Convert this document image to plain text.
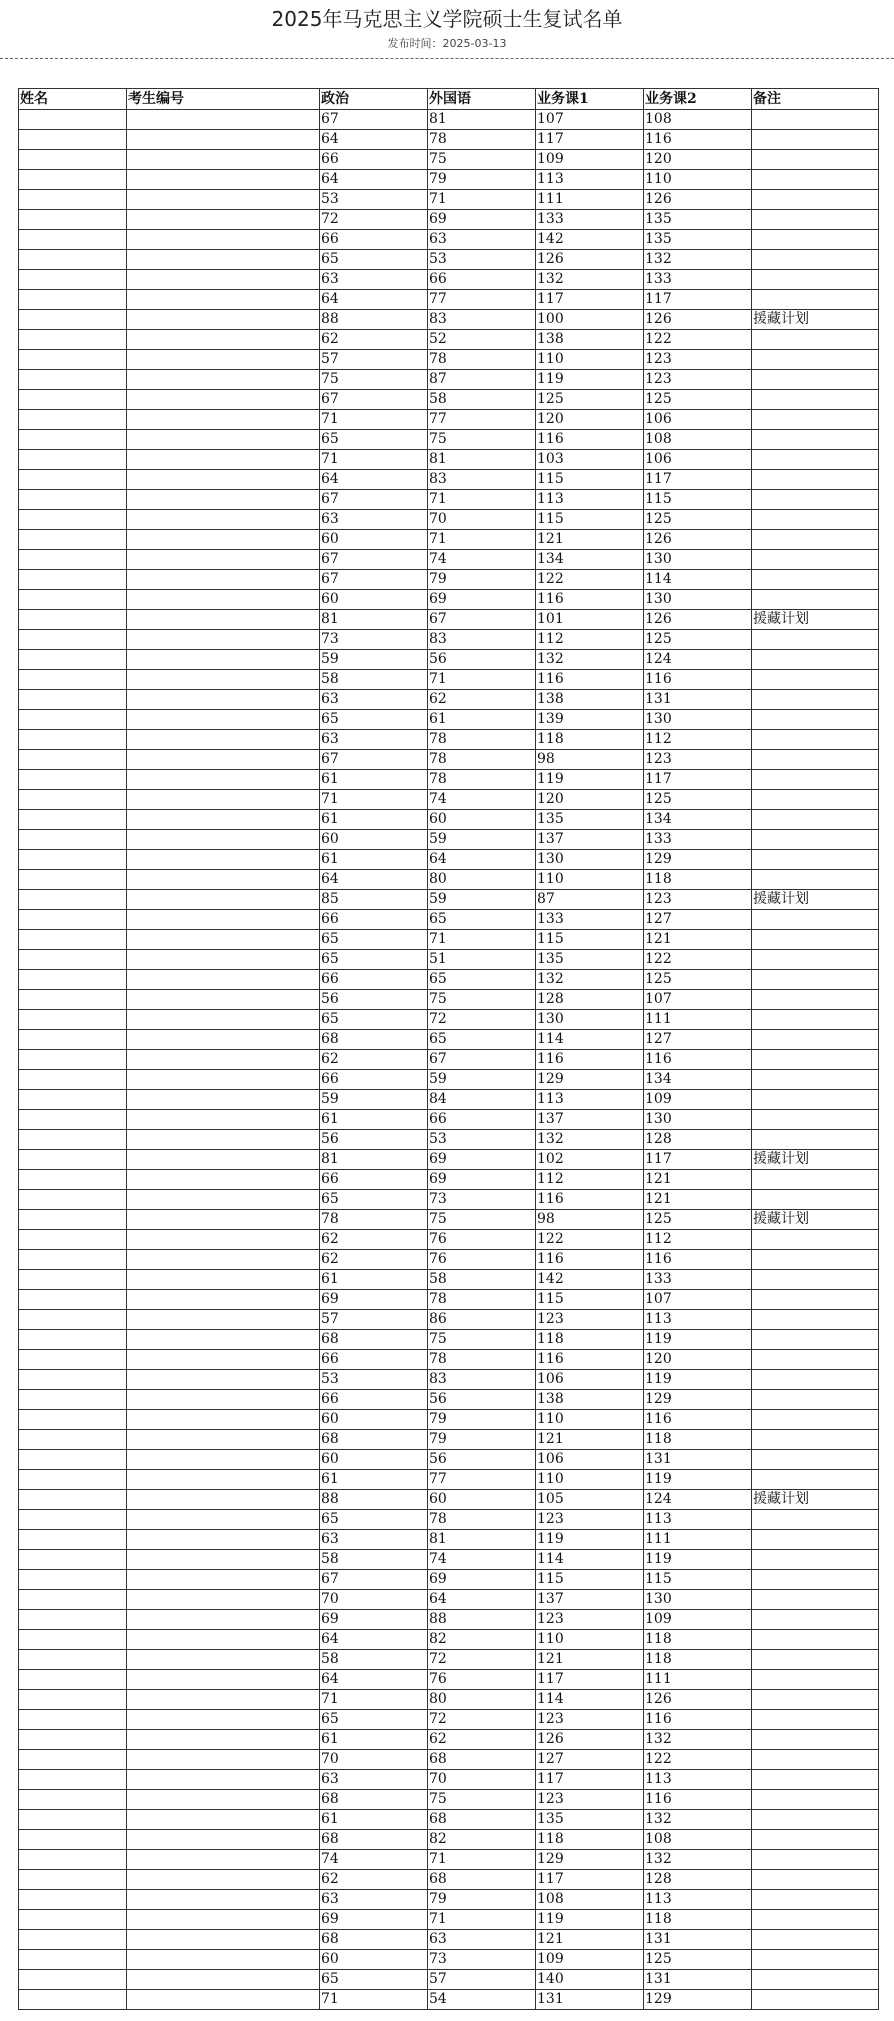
2025年马克思主义学院硕士生复试名单
发布时间：2025-03-13
姓名	考生编号	政治	外国语	业务课1	业务课2	备注
		67	81	107	108	
		64	78	117	116	
		66	75	109	120	
		64	79	113	110	
		53	71	111	126	
		72	69	133	135	
		66	63	142	135	
		65	53	126	132	
		63	66	132	133	
		64	77	117	117	
		88	83	100	126	援藏计划
		62	52	138	122	
		57	78	110	123	
		75	87	119	123	
		67	58	125	125	
		71	77	120	106	
		65	75	116	108	
		71	81	103	106	
		64	83	115	117	
		67	71	113	115	
		63	70	115	125	
		60	71	121	126	
		67	74	134	130	
		67	79	122	114	
		60	69	116	130	
		81	67	101	126	援藏计划
		73	83	112	125	
		59	56	132	124	
		58	71	116	116	
		63	62	138	131	
		65	61	139	130	
		63	78	118	112	
		67	78	98	123	
		61	78	119	117	
		71	74	120	125	
		61	60	135	134	
		60	59	137	133	
		61	64	130	129	
		64	80	110	118	
		85	59	87	123	援藏计划
		66	65	133	127	
		65	71	115	121	
		65	51	135	122	
		66	65	132	125	
		56	75	128	107	
		65	72	130	111	
		68	65	114	127	
		62	67	116	116	
		66	59	129	134	
		59	84	113	109	
		61	66	137	130	
		56	53	132	128	
		81	69	102	117	援藏计划
		66	69	112	121	
		65	73	116	121	
		78	75	98	125	援藏计划
		62	76	122	112	
		62	76	116	116	
		61	58	142	133	
		69	78	115	107	
		57	86	123	113	
		68	75	118	119	
		66	78	116	120	
		53	83	106	119	
		66	56	138	129	
		60	79	110	116	
		68	79	121	118	
		60	56	106	131	
		61	77	110	119	
		88	60	105	124	援藏计划
		65	78	123	113	
		63	81	119	111	
		58	74	114	119	
		67	69	115	115	
		70	64	137	130	
		69	88	123	109	
		64	82	110	118	
		58	72	121	118	
		64	76	117	111	
		71	80	114	126	
		65	72	123	116	
		61	62	126	132	
		70	68	127	122	
		63	70	117	113	
		68	75	123	116	
		61	68	135	132	
		68	82	118	108	
		74	71	129	132	
		62	68	117	128	
		63	79	108	113	
		69	71	119	118	
		68	63	121	131	
		60	73	109	125	
		65	57	140	131	
		71	54	131	129	
